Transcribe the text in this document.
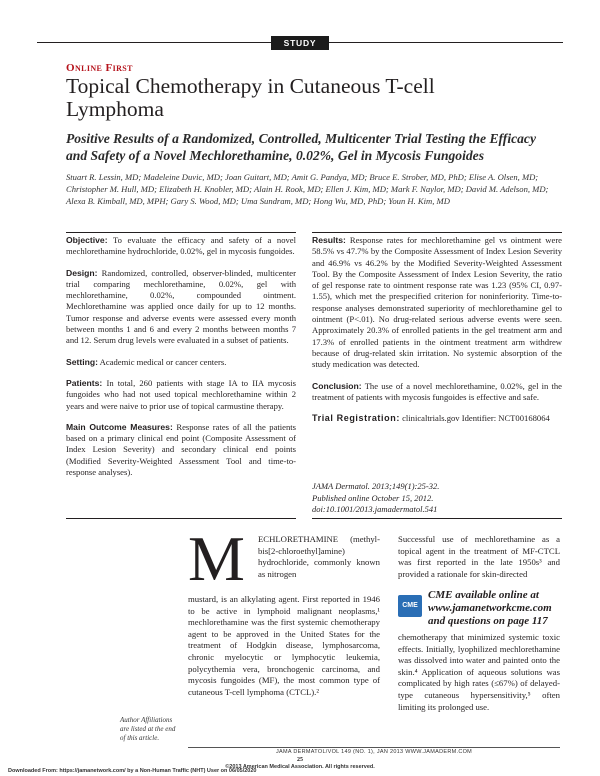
STUDY
Online First
Topical Chemotherapy in Cutaneous T-cell Lymphoma
Positive Results of a Randomized, Controlled, Multicenter Trial Testing the Efficacy and Safety of a Novel Mechlorethamine, 0.02%, Gel in Mycosis Fungoides
Stuart R. Lessin, MD; Madeleine Duvic, MD; Joan Guitart, MD; Amit G. Pandya, MD; Bruce E. Strober, MD, PhD; Elise A. Olsen, MD; Christopher M. Hull, MD; Elizabeth H. Knobler, MD; Alain H. Rook, MD; Ellen J. Kim, MD; Mark F. Naylor, MD; David M. Adelson, MD; Alexa B. Kimball, MD, MPH; Gary S. Wood, MD; Uma Sundram, MD; Hong Wu, MD, PhD; Youn H. Kim, MD

Objective: To evaluate the efficacy and safety of a novel mechlorethamine hydrochloride, 0.02%, gel in mycosis fungoides.

Design: Randomized, controlled, observer-blinded, multicenter trial comparing mechlorethamine, 0.02%, gel with mechlorethamine, 0.02%, compounded ointment. Mechlorethamine was applied once daily for up to 12 months. Tumor response and adverse events were assessed every month between months 1 and 6 and every 2 months between months 7 and 12. Serum drug levels were evaluated in a subset of patients.

Setting: Academic medical or cancer centers.

Patients: In total, 260 patients with stage IA to IIA mycosis fungoides who had not used topical mechlorethamine within 2 years and were naive to prior use of topical carmustine therapy.

Main Outcome Measures: Response rates of all the patients based on a primary clinical end point (Composite Assessment of Index Lesion Severity) and secondary clinical end points (Modified Severity-Weighted Assessment Tool and time-to-response analyses).

Results: Response rates for mechlorethamine gel vs ointment were 58.5% vs 47.7% by the Composite Assessment of Index Lesion Severity and 46.9% vs 46.2% by the Modified Severity-Weighted Assessment Tool. By the Composite Assessment of Index Lesion Severity, the ratio of gel response rate to ointment response rate was 1.23 (95% CI, 0.97-1.55), which met the prespecified criterion for noninferiority. Time-to-response analyses demonstrated superiority of mechlorethamine gel to ointment (P<.01). No drug-related serious adverse events were seen. Approximately 20.3% of enrolled patients in the gel treatment arm and 17.3% of enrolled patients in the ointment treatment arm withdrew because of drug-related skin irritation. No systemic absorption of the study medication was detected.

Conclusion: The use of a novel mechlorethamine, 0.02%, gel in the treatment of patients with mycosis fungoides is effective and safe.

Trial Registration: clinicaltrials.gov Identifier: NCT00168064

JAMA Dermatol. 2013;149(1):25-32.
Published online October 15, 2012.
doi:10.1001/2013.jamadermatol.541
M ECHLORETHAMINE (methyl-bis[2-chloroethyl]amine) hydrochloride, commonly known as nitrogen
mustard, is an alkylating agent. First reported in 1946 to be active in lymphoid malignant neoplasms,¹ mechlorethamine was the first systemic chemotherapy agent to be approved in the United States for the treatment of Hodgkin disease, lymphosarcoma, chronic myelocytic or lymphocytic leukemia, polycythemia vera, bronchogenic carcinoma, and mycosis fungoides (MF), the most common type of cutaneous T-cell lymphoma (CTCL).²
Successful use of mechlorethamine as a topical agent in the treatment of MF-CTCL was first reported in the late 1950s³ and provided a rationale for skin-directed
CME
CME available online at www.jamanetworkcme.com and questions on page 117
chemotherapy that minimized systemic toxic effects. Initially, lyophilized mechlorethamine was dissolved into water and painted onto the skin.⁴ Application of aqueous solutions was complicated by high rates (≤67%) of delayed-type cutaneous hypersensitivity,⁵ often limiting its prolonged use.
Author Affiliations are listed at the end of this article.
JAMA DERMATOL/VOL 149 (NO. 1), JAN 2013 WWW.JAMADERM.COM
25
©2013 American Medical Association. All rights reserved.
Downloaded From: https://jamanetwork.com/ by a Non-Human Traffic (NHT) User on 06/05/2020
